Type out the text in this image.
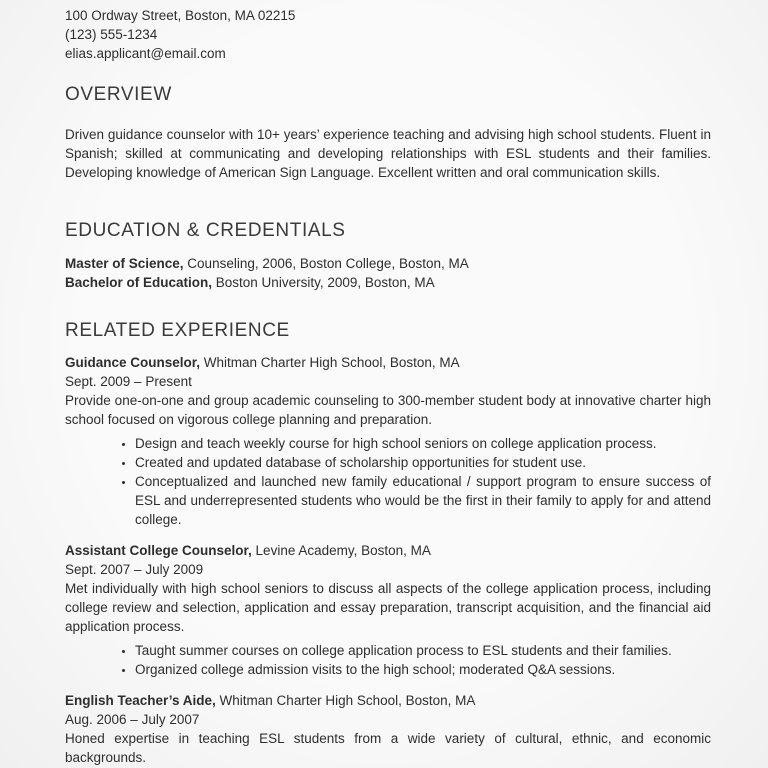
100 Ordway Street, Boston, MA 02215
(123) 555-1234
elias.applicant@email.com
OVERVIEW

Driven guidance counselor with 10+ years’ experience teaching and advising high school students. Fluent in Spanish; skilled at communicating and developing relationships with ESL students and their families. Developing knowledge of American Sign Language. Excellent written and oral communication skills.

EDUCATION & CREDENTIALS
Master of Science, Counseling, 2006, Boston College, Boston, MA
Bachelor of Education, Boston University, 2009, Boston, MA
RELATED EXPERIENCE
Guidance Counselor, Whitman Charter High School, Boston, MA
Sept. 2009 – Present

Provide one-on-one and group academic counseling to 300-member student body at innovative charter high school focused on vigorous college planning and preparation.

• Design and teach weekly course for high school seniors on college application process.
• Created and updated database of scholarship opportunities for student use.
• Conceptualized and launched new family educational / support program to ensure success of ESL and underrepresented students who would be the first in their family to apply for and attend college.
Assistant College Counselor, Levine Academy, Boston, MA
Sept. 2007 – July 2009

Met individually with high school seniors to discuss all aspects of the college application process, including college review and selection, application and essay preparation, transcript acquisition, and the financial aid application process.

• Taught summer courses on college application process to ESL students and their families.
• Organized college admission visits to the high school; moderated Q&A sessions.
English Teacher’s Aide, Whitman Charter High School, Boston, MA
Aug. 2006 – July 2007

Honed expertise in teaching ESL students from a wide variety of cultural, ethnic, and economic backgrounds.
